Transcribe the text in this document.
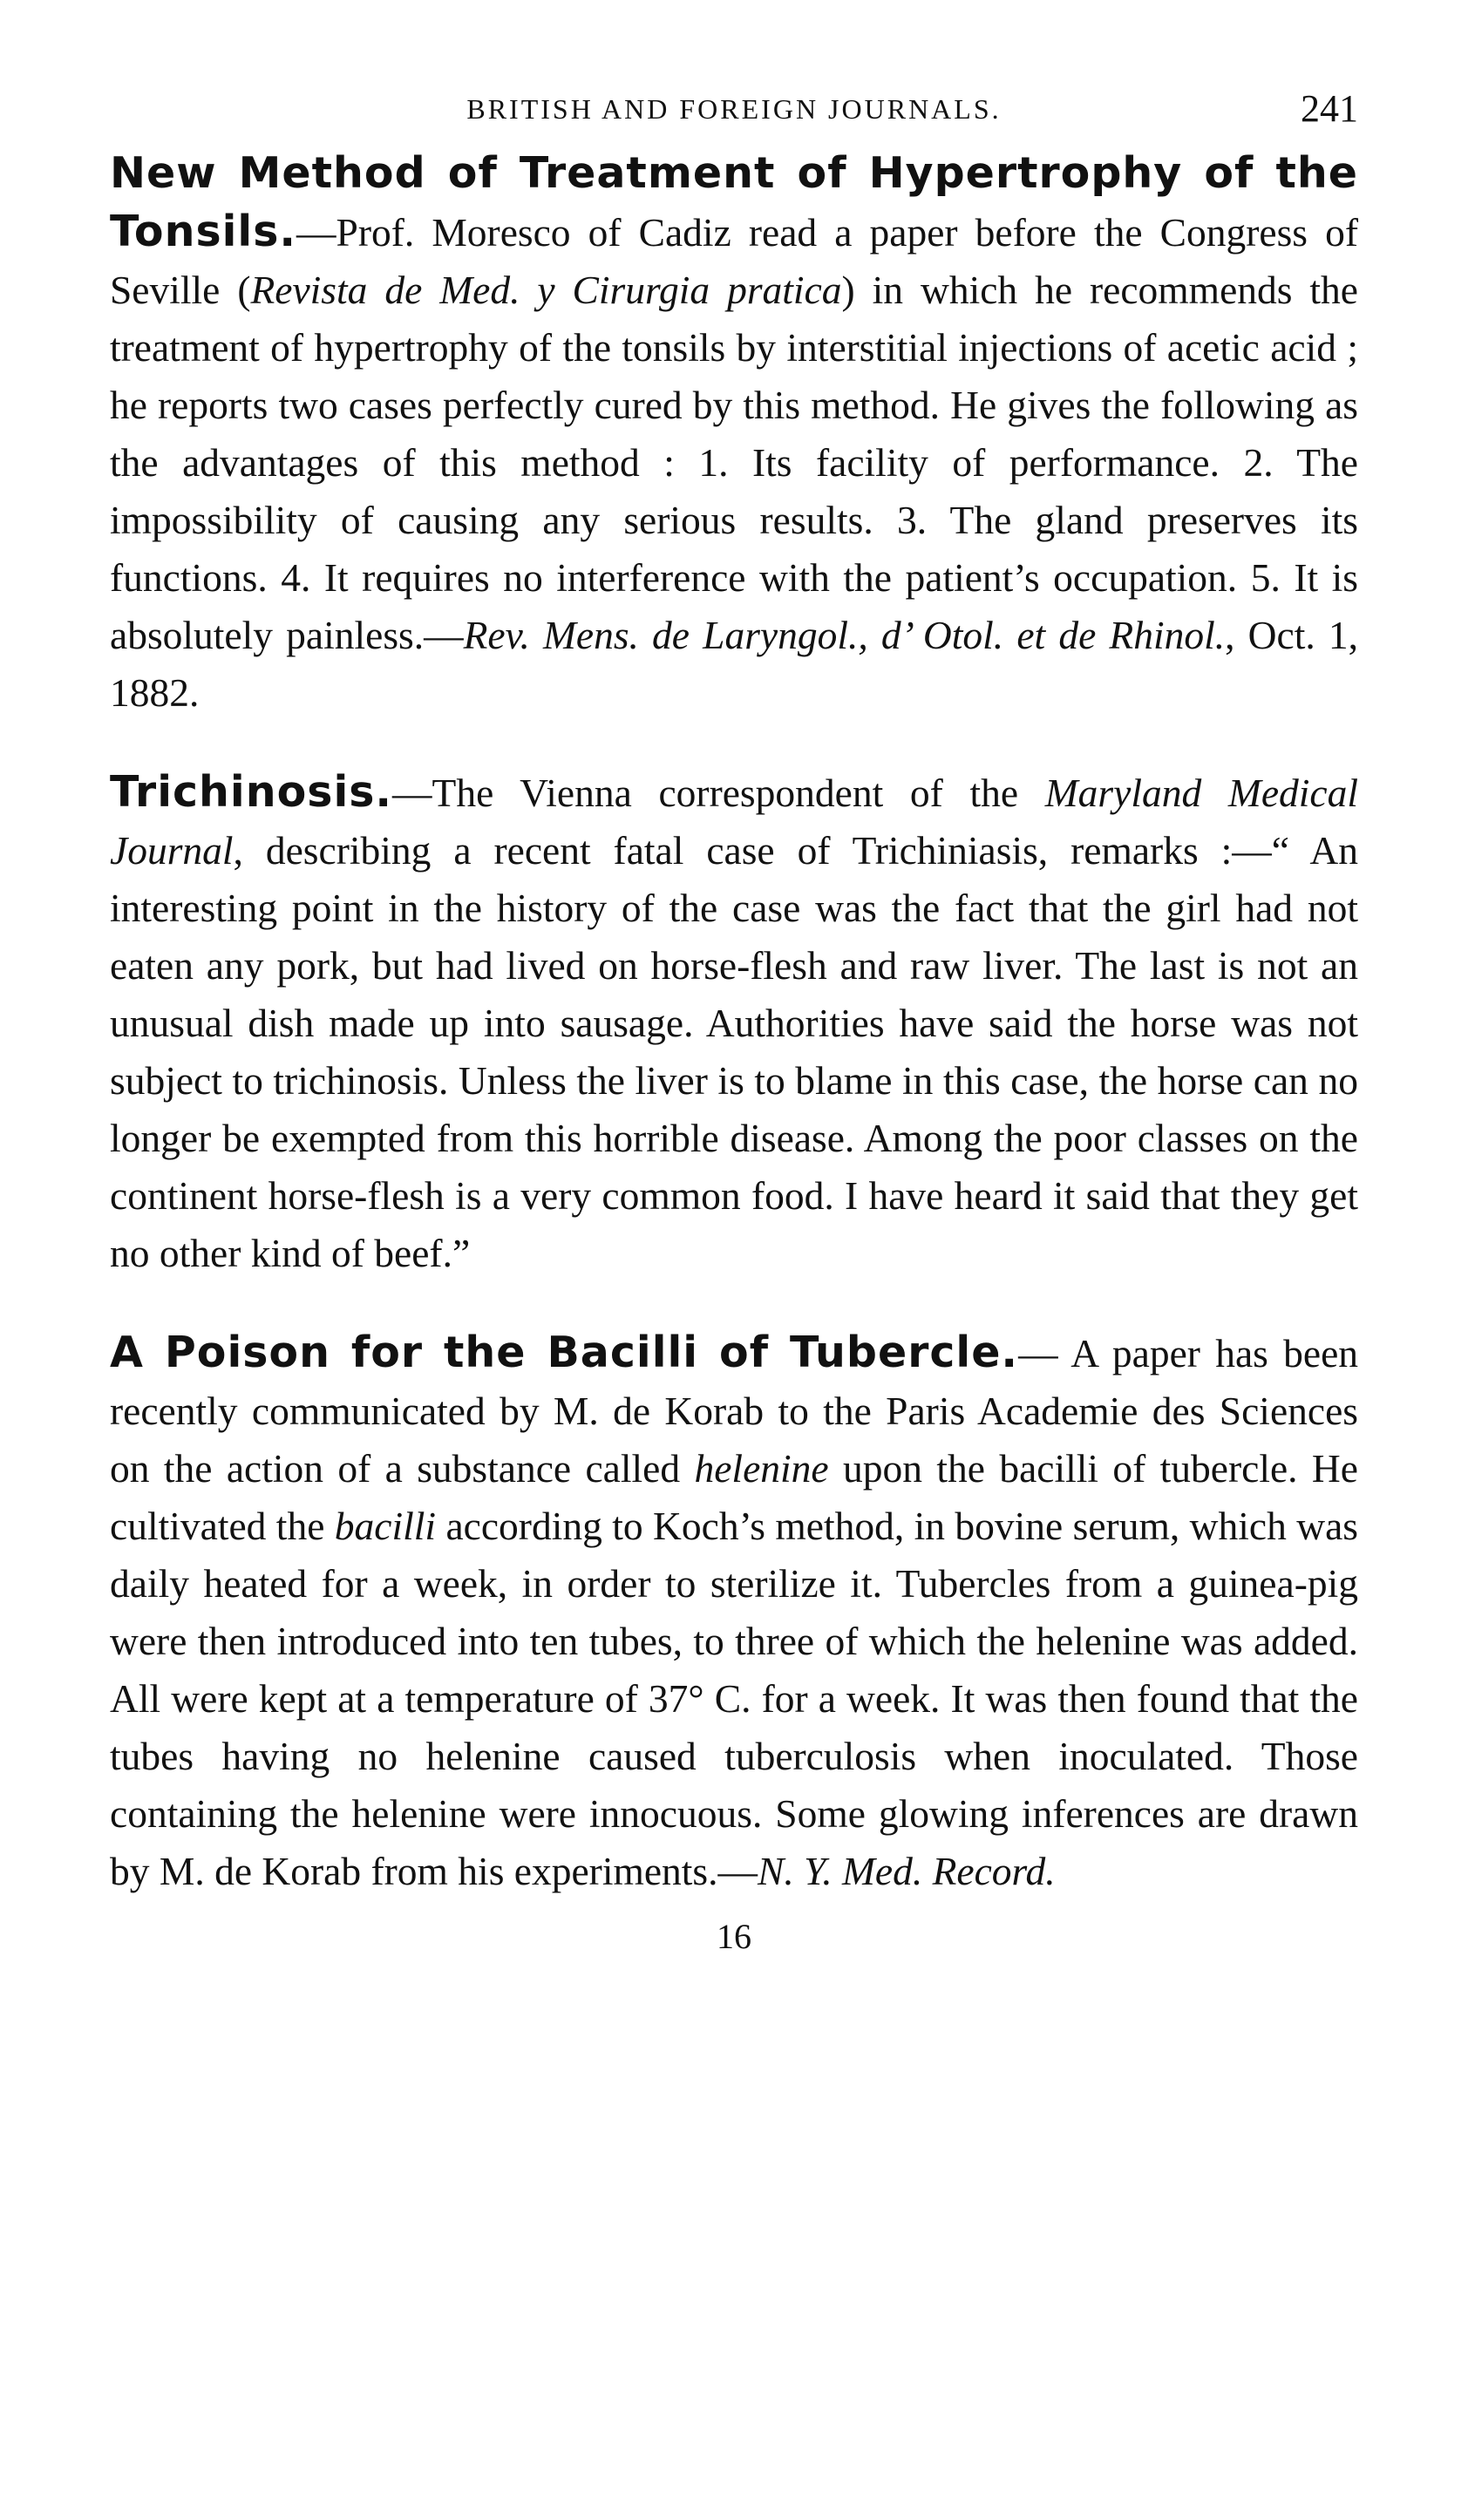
BRITISH AND FOREIGN JOURNALS.	241

New Method of Treatment of Hypertrophy of the Tonsils.—Prof. Moresco of Cadiz read a paper before the Congress of Seville (Revista de Med. y Cirurgia pratica) in which he recommends the treatment of hypertrophy of the tonsils by interstitial injections of acetic acid ; he reports two cases perfectly cured by this method. He gives the following as the advantages of this method : 1. Its facility of performance. 2. The impossibility of causing any serious results. 3. The gland preserves its functions. 4. It requires no interference with the patient’s occupation. 5. It is absolutely painless.—Rev. Mens. de Laryngol., d’ Otol. et de Rhinol., Oct. 1, 1882.

Trichinosis.—The Vienna correspondent of the Maryland Medical Journal, describing a recent fatal case of Trichiniasis, remarks :—“ An interesting point in the history of the case was the fact that the girl had not eaten any pork, but had lived on horse-flesh and raw liver. The last is not an unusual dish made up into sausage. Authorities have said the horse was not subject to trichinosis. Unless the liver is to blame in this case, the horse can no longer be exempted from this horrible disease. Among the poor classes on the continent horse-flesh is a very common food. I have heard it said that they get no other kind of beef.”

A Poison for the Bacilli of Tubercle.— A paper has been recently communicated by M. de Korab to the Paris Academie des Sciences on the action of a substance called helenine upon the bacilli of tubercle. He cultivated the bacilli according to Koch’s method, in bovine serum, which was daily heated for a week, in order to sterilize it. Tubercles from a guinea-pig were then introduced into ten tubes, to three of which the helenine was added. All were kept at a temperature of 37° C. for a week. It was then found that the tubes having no helenine caused tuberculosis when inoculated. Those containing the helenine were innocuous. Some glowing inferences are drawn by M. de Korab from his experiments.—N. Y. Med. Record.

16
